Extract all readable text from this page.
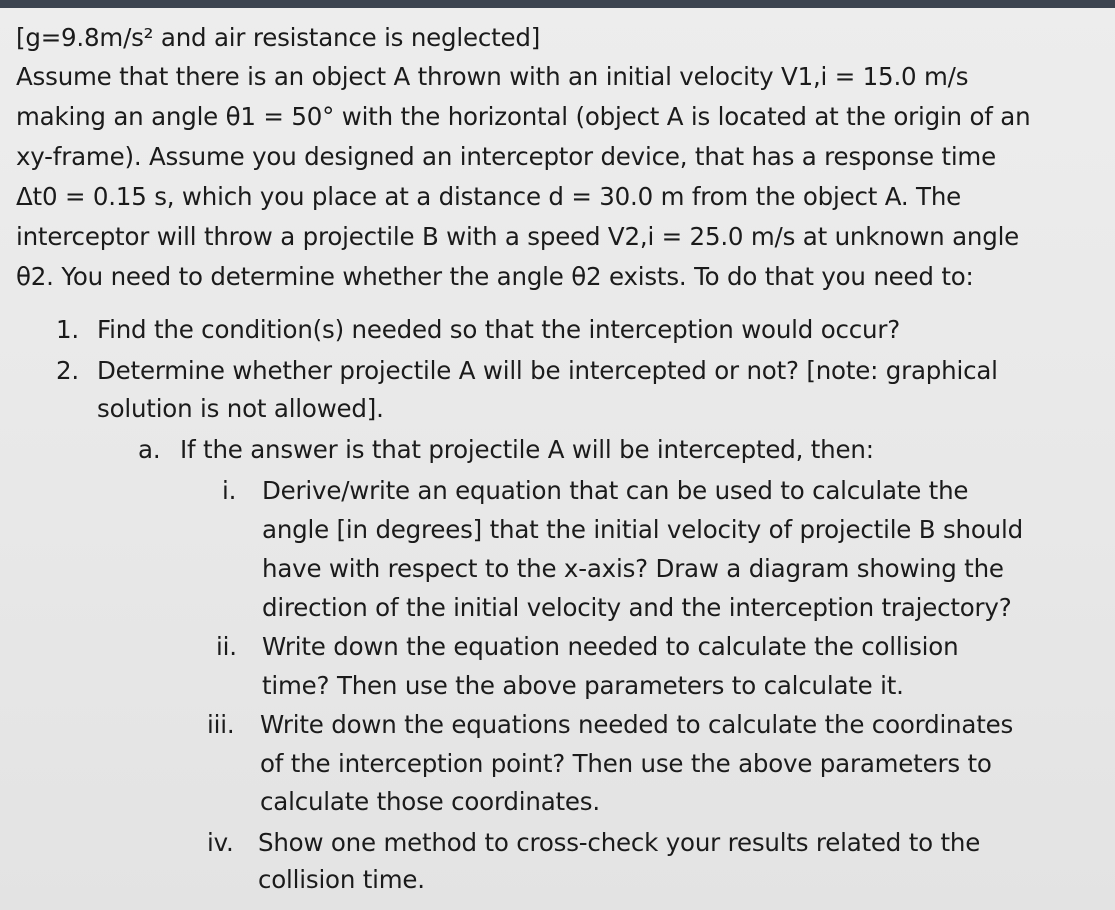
[g=9.8m/s² and air resistance is neglected]
Assume that there is an object A thrown with an initial velocity V1,i = 15.0 m/s
making an angle θ1 = 50° with the horizontal (object A is located at the origin of an
xy-frame). Assume you designed an interceptor device, that has a response time
Δt0 = 0.15 s, which you place at a distance d = 30.0 m from the object A. The
interceptor will throw a projectile B with a speed V2,i = 25.0 m/s at unknown angle
θ2. You need to determine whether the angle θ2 exists. To do that you need to:
1. Find the condition(s) needed so that the interception would occur?
2. Determine whether projectile A will be intercepted or not? [note: graphical
solution is not allowed].
a. If the answer is that projectile A will be intercepted, then:
i. Derive/write an equation that can be used to calculate the
angle [in degrees] that the initial velocity of projectile B should
have with respect to the x-axis? Draw a diagram showing the
direction of the initial velocity and the interception trajectory?
ii. Write down the equation needed to calculate the collision
time? Then use the above parameters to calculate it.
iii. Write down the equations needed to calculate the coordinates
of the interception point? Then use the above parameters to
calculate those coordinates.
iv. Show one method to cross-check your results related to the
collision time.
